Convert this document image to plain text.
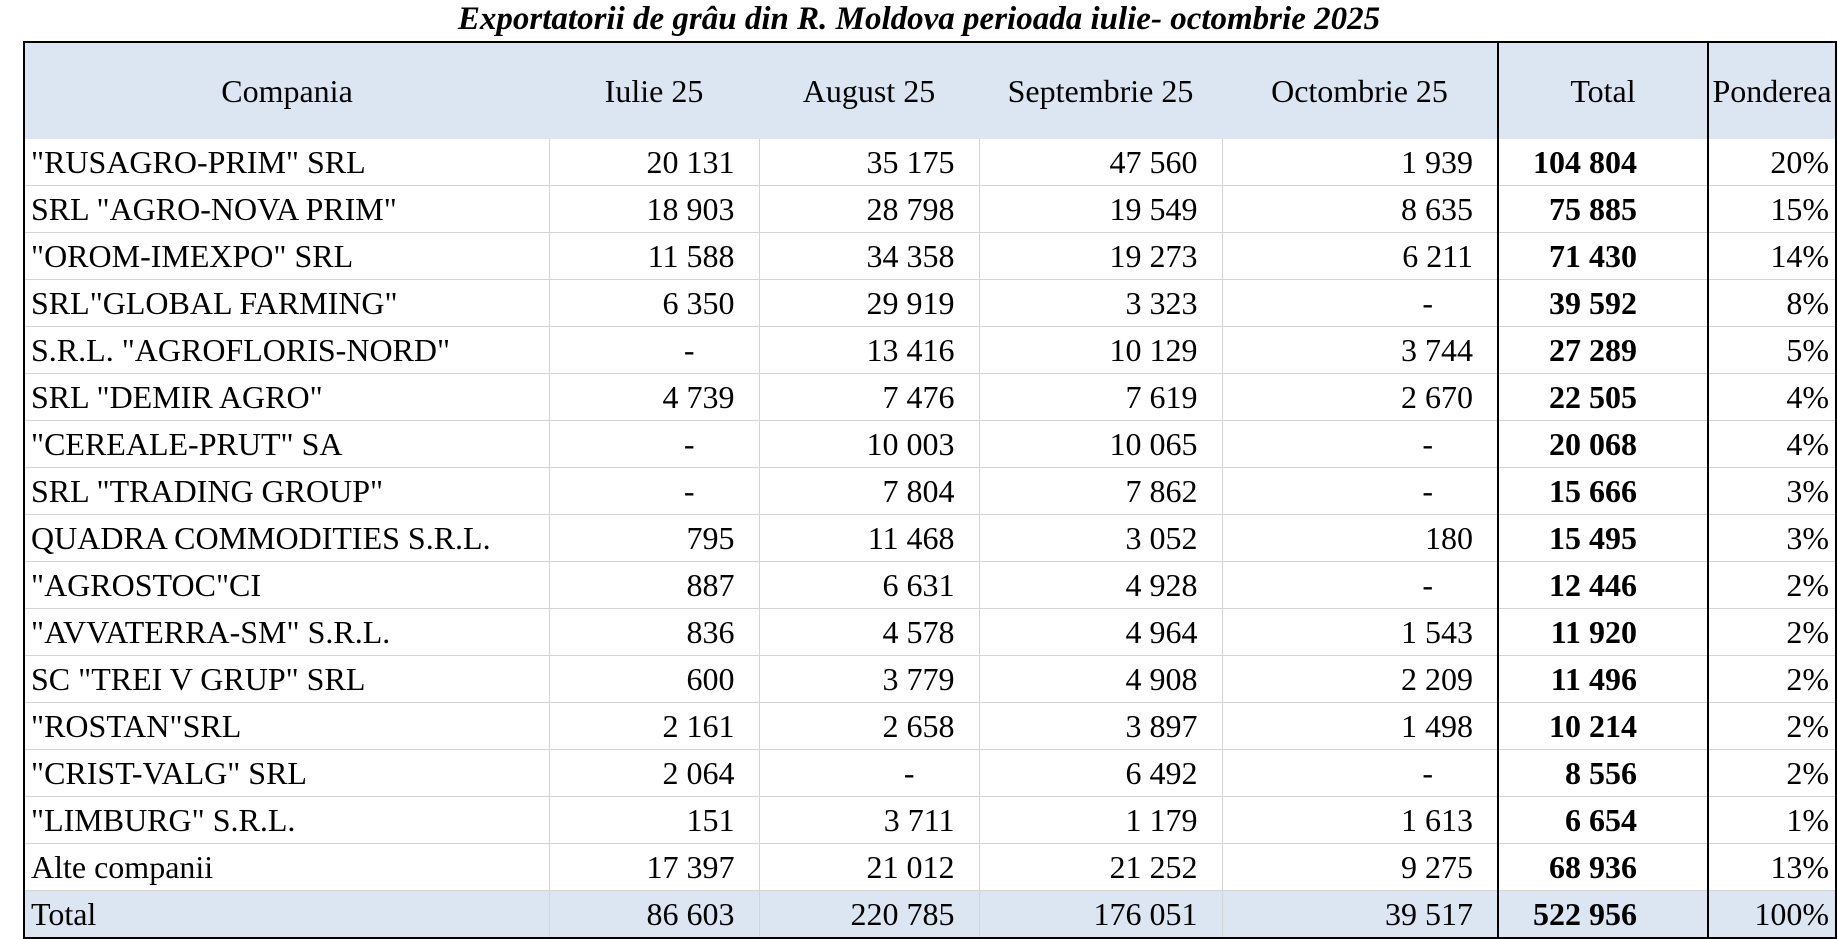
Exportatorii de grâu din R. Moldova perioada iulie- octombrie 2025
Compania	Iulie 25	August 25	Septembrie 25	Octombrie 25	Total	Ponderea
"RUSAGRO-PRIM" SRL	20 131	35 175	47 560	1 939	104 804	20%
SRL "AGRO-NOVA PRIM"	18 903	28 798	19 549	8 635	75 885	15%
"OROM-IMEXPO" SRL	11 588	34 358	19 273	6 211	71 430	14%
SRL"GLOBAL FARMING"	6 350	29 919	3 323	-	39 592	8%
S.R.L. "AGROFLORIS-NORD"	-	13 416	10 129	3 744	27 289	5%
SRL "DEMIR AGRO"	4 739	7 476	7 619	2 670	22 505	4%
"CEREALE-PRUT" SA	-	10 003	10 065	-	20 068	4%
SRL "TRADING GROUP"	-	7 804	7 862	-	15 666	3%
QUADRA COMMODITIES S.R.L.	795	11 468	3 052	180	15 495	3%
"AGROSTOC"CI	887	6 631	4 928	-	12 446	2%
"AVVATERRA-SM" S.R.L.	836	4 578	4 964	1 543	11 920	2%
SC "TREI V GRUP" SRL	600	3 779	4 908	2 209	11 496	2%
"ROSTAN"SRL	2 161	2 658	3 897	1 498	10 214	2%
"CRIST-VALG" SRL	2 064	-	6 492	-	8 556	2%
"LIMBURG" S.R.L.	151	3 711	1 179	1 613	6 654	1%
Alte companii	17 397	21 012	21 252	9 275	68 936	13%
Total	86 603	220 785	176 051	39 517	522 956	100%
